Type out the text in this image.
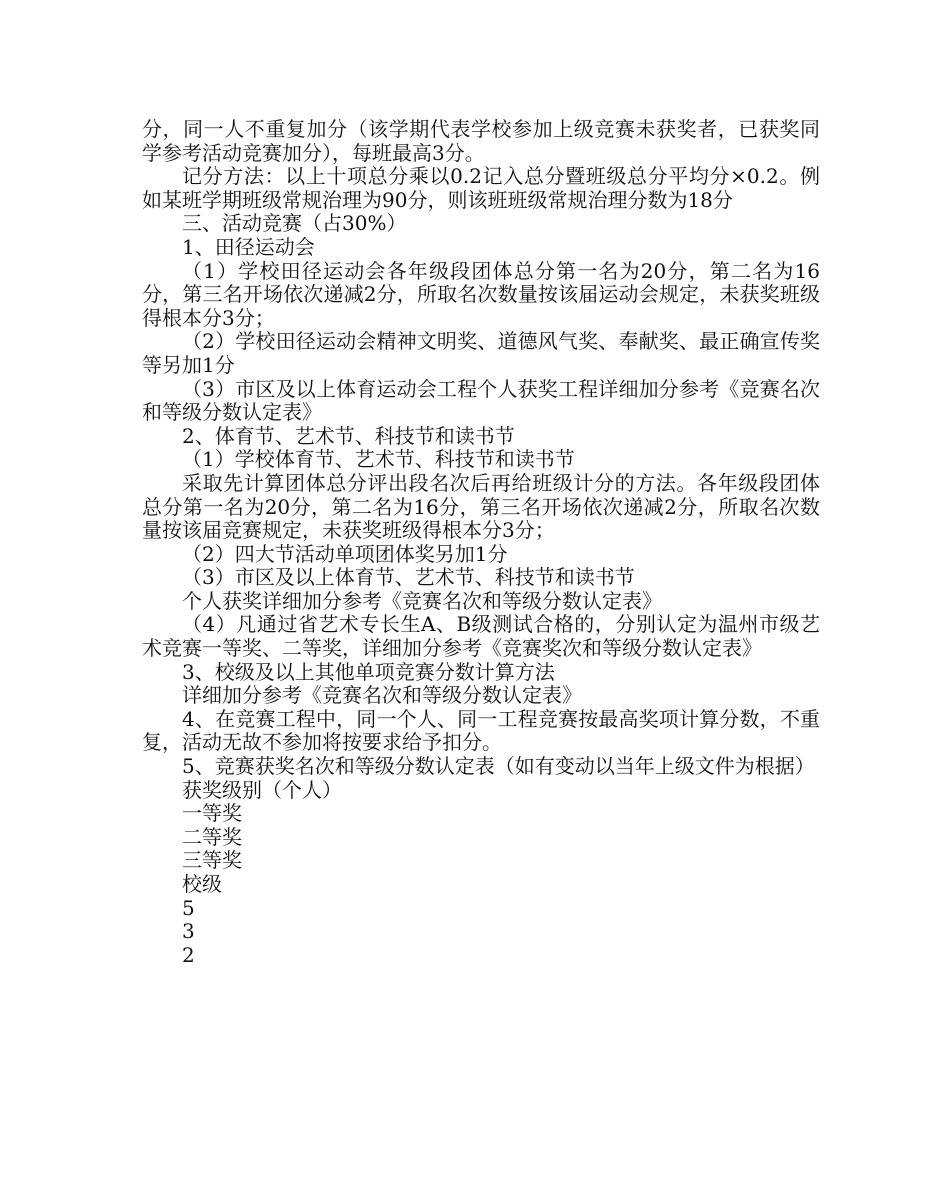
分，同一人不重复加分（该学期代表学校参加上级竞赛未获奖者，已获奖同学参考活动竞赛加分），每班最高3分。

记分方法：以上十项总分乘以0.2记入总分暨班级总分平均分×0.2。例如某班学期班级常规治理为90分，则该班班级常规治理分数为18分

三、活动竞赛（占30%）

1、田径运动会

（1）学校田径运动会各年级段团体总分第一名为20分，第二名为16分，第三名开场依次递减2分，所取名次数量按该届运动会规定，未获奖班级得根本分3分；

（2）学校田径运动会精神文明奖、道德风气奖、奉献奖、最正确宣传奖等另加1分

（3）市区及以上体育运动会工程个人获奖工程详细加分参考《竞赛名次和等级分数认定表》

2、体育节、艺术节、科技节和读书节

（1）学校体育节、艺术节、科技节和读书节

采取先计算团体总分评出段名次后再给班级计分的方法。各年级段团体总分第一名为20分，第二名为16分，第三名开场依次递减2分，所取名次数量按该届竞赛规定，未获奖班级得根本分3分；

（2）四大节活动单项团体奖另加1分

（3）市区及以上体育节、艺术节、科技节和读书节

个人获奖详细加分参考《竞赛名次和等级分数认定表》

（4）凡通过省艺术专长生A、B级测试合格的，分别认定为温州市级艺术竞赛一等奖、二等奖，详细加分参考《竞赛奖次和等级分数认定表》

3、校级及以上其他单项竞赛分数计算方法

详细加分参考《竞赛名次和等级分数认定表》

4、在竞赛工程中，同一个人、同一工程竞赛按最高奖项计算分数，不重复，活动无故不参加将按要求给予扣分。

5、竞赛获奖名次和等级分数认定表（如有变动以当年上级文件为根据）

获奖级别（个人）

一等奖

二等奖

三等奖

校级

5

3

2
